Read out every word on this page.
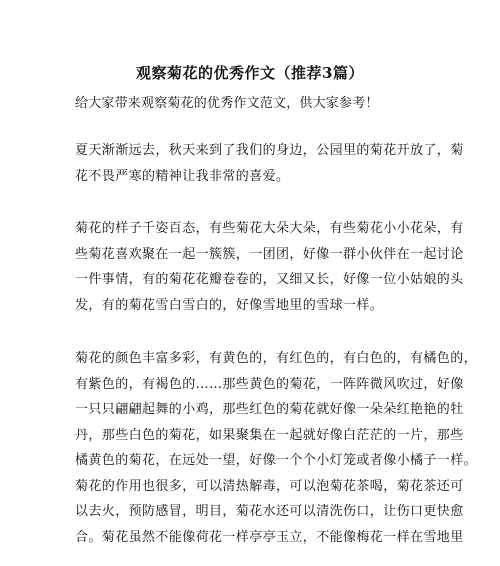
观察菊花的优秀作文（推荐3篇）
给大家带来观察菊花的优秀作文范文，供大家参考！
夏天渐渐远去，秋天来到了我们的身边，公园里的菊花开放了，菊
花不畏严寒的精神让我非常的喜爱。
菊花的样子千姿百态，有些菊花大朵大朵，有些菊花小小花朵，有
些菊花喜欢聚在一起一簇簇，一团团，好像一群小伙伴在一起讨论
一件事情，有的菊花花瓣卷卷的，又细又长，好像一位小姑娘的头
发，有的菊花雪白雪白的，好像雪地里的雪球一样。
菊花的颜色丰富多彩，有黄色的，有红色的，有白色的，有橘色的，
有紫色的，有褐色的……那些黄色的菊花，一阵阵微风吹过，好像
一只只翩翩起舞的小鸡，那些红色的菊花就好像一朵朵红艳艳的牡
丹，那些白色的菊花，如果聚集在一起就好像白茫茫的一片，那些
橘黄色的菊花，在远处一望，好像一个个小灯笼或者像小橘子一样。
菊花的作用也很多，可以清热解毒，可以泡菊花茶喝，菊花茶还可
以去火，预防感冒，明目，菊花水还可以清洗伤口，让伤口更快愈
合。菊花虽然不能像荷花一样亭亭玉立，不能像梅花一样在雪地里
